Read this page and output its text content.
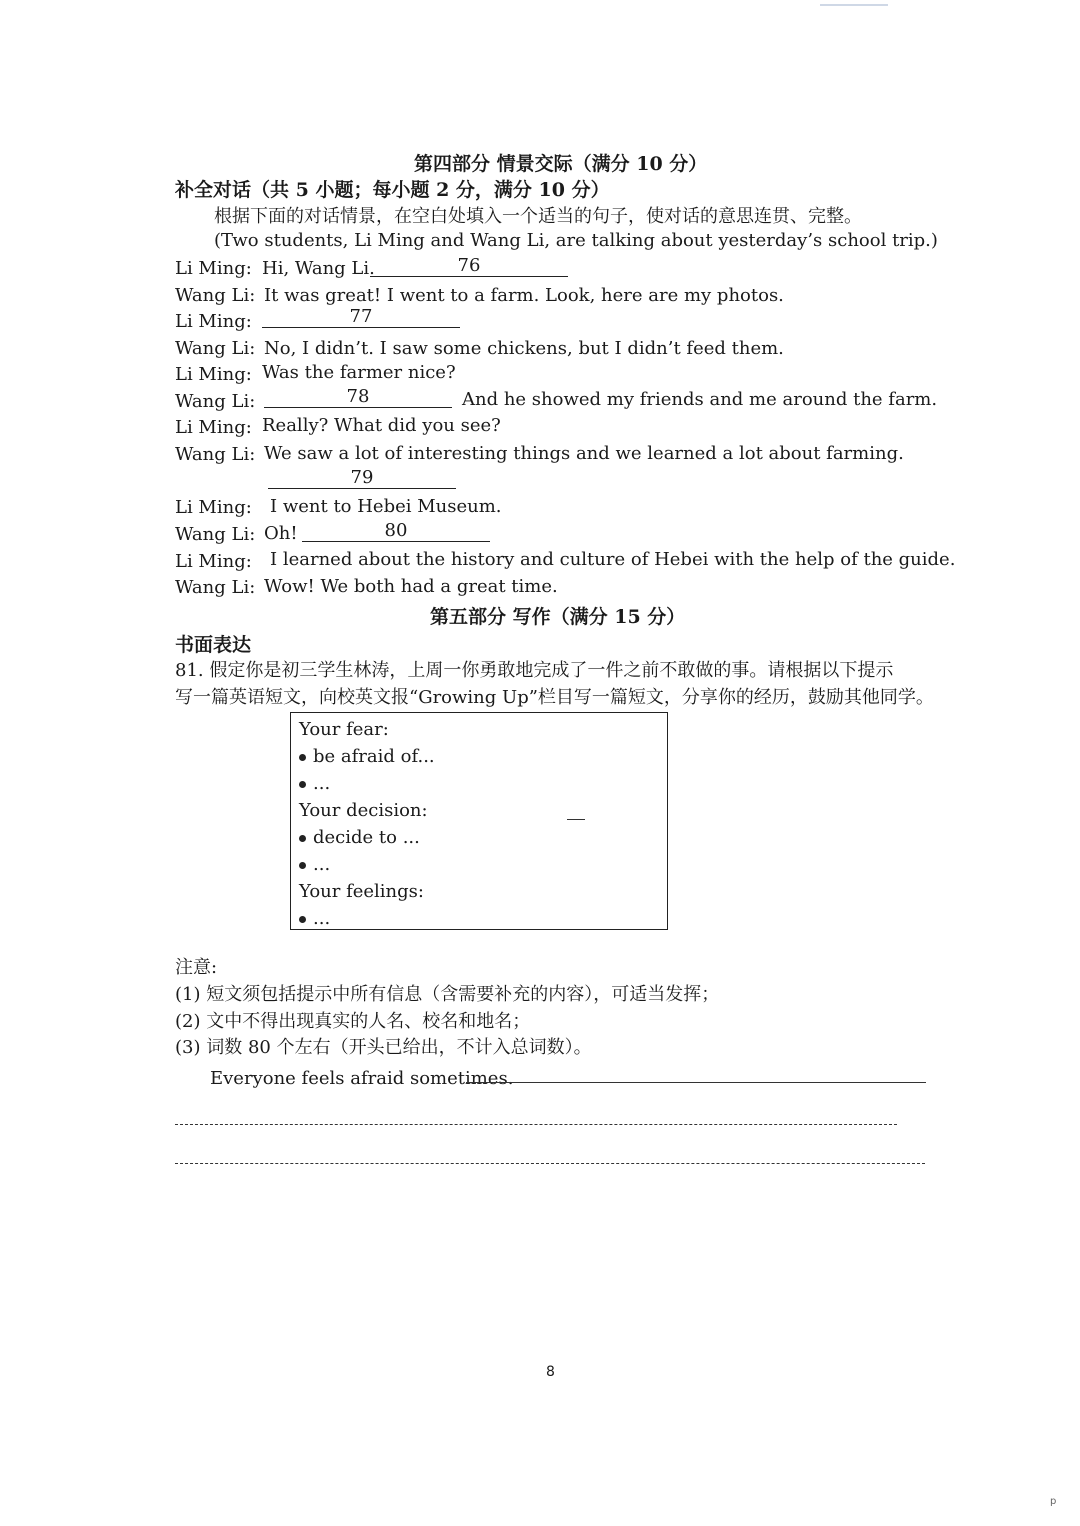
第四部分 情景交际（满分 10 分）
补全对话（共 5 小题；每小题 2 分，满分 10 分）
根据下面的对话情景，在空白处填入一个适当的句子，使对话的意思连贯、完整。
(Two students, Li Ming and Wang Li, are talking about yesterday’s school trip.)
Li Ming: Hi, Wang Li.	76
Wang Li: It was great! I went to a farm. Look, here are my photos.
Li Ming:	77
Wang Li: No, I didn’t. I saw some chickens, but I didn’t feed them.
Li Ming: Was the farmer nice?
Wang Li:	78	And he showed my friends and me around the farm.
Li Ming: Really? What did you see?
Wang Li: We saw a lot of interesting things and we learned a lot about farming.
79
Li Ming: I went to Hebei Museum.
Wang Li: Oh!	80
Li Ming: I learned about the history and culture of Hebei with the help of the guide.
Wang Li: Wow! We both had a great time.
第五部分 写作（满分 15 分）
书面表达
81. 假定你是初三学生林涛，上周一你勇敢地完成了一件之前不敢做的事。请根据以下提示
写一篇英语短文，向校英文报“Growing Up”栏目写一篇短文，分享你的经历，鼓励其他同学。
Your fear:
be afraid of...
...
Your decision:
decide to ...
...
Your feelings:
...
注意:
(1) 短文须包括提示中所有信息（含需要补充的内容），可适当发挥；
(2) 文中不得出现真实的人名、校名和地名；
(3) 词数 80 个左右（开头已给出，不计入总词数）。
Everyone feels afraid sometimes.
8
p
